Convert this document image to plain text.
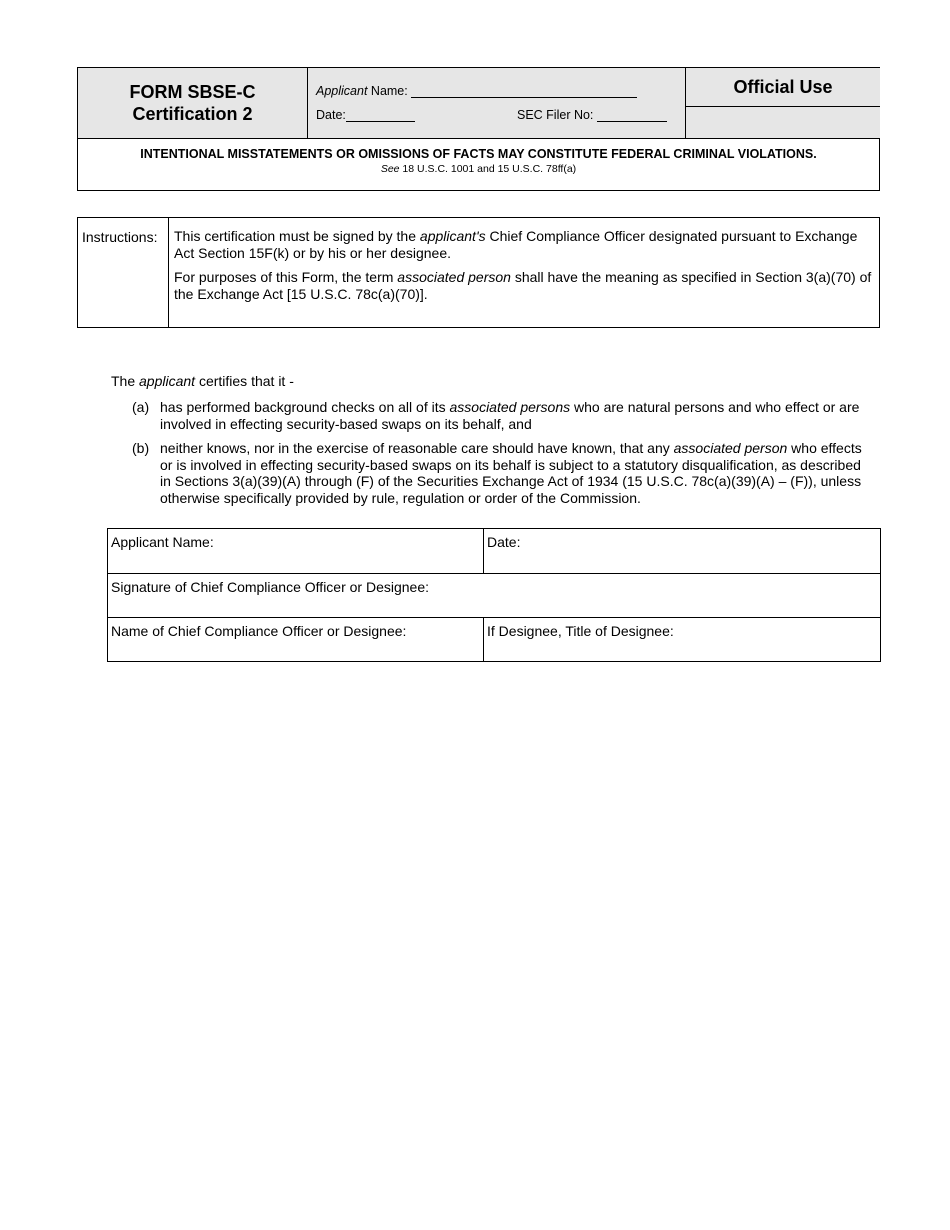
FORM SBSE-C
Certification 2
Applicant Name:
Date:	SEC Filer No:
Official Use
INTENTIONAL MISSTATEMENTS OR OMISSIONS OF FACTS MAY CONSTITUTE FEDERAL CRIMINAL VIOLATIONS.
See 18 U.S.C. 1001 and 15 U.S.C. 78ff(a)
Instructions:	This certification must be signed by the applicant's Chief Compliance Officer designated pursuant to Exchange Act Section 15F(k) or by his or her designee.

For purposes of this Form, the term associated person shall have the meaning as specified in Section 3(a)(70) of the Exchange Act [15 U.S.C. 78c(a)(70)].

The applicant certifies that it -
(a) has performed background checks on all of its associated persons who are natural persons and who effect or are involved in effecting security-based swaps on its behalf, and
(b) neither knows, nor in the exercise of reasonable care should have known, that any associated person who effects or is involved in effecting security-based swaps on its behalf is subject to a statutory disqualification, as described in Sections 3(a)(39)(A) through (F) of the Securities Exchange Act of 1934 (15 U.S.C. 78c(a)(39)(A) – (F)), unless otherwise specifically provided by rule, regulation or order of the Commission.
Applicant Name:	Date:
Signature of Chief Compliance Officer or Designee:
Name of Chief Compliance Officer or Designee:	If Designee, Title of Designee:
